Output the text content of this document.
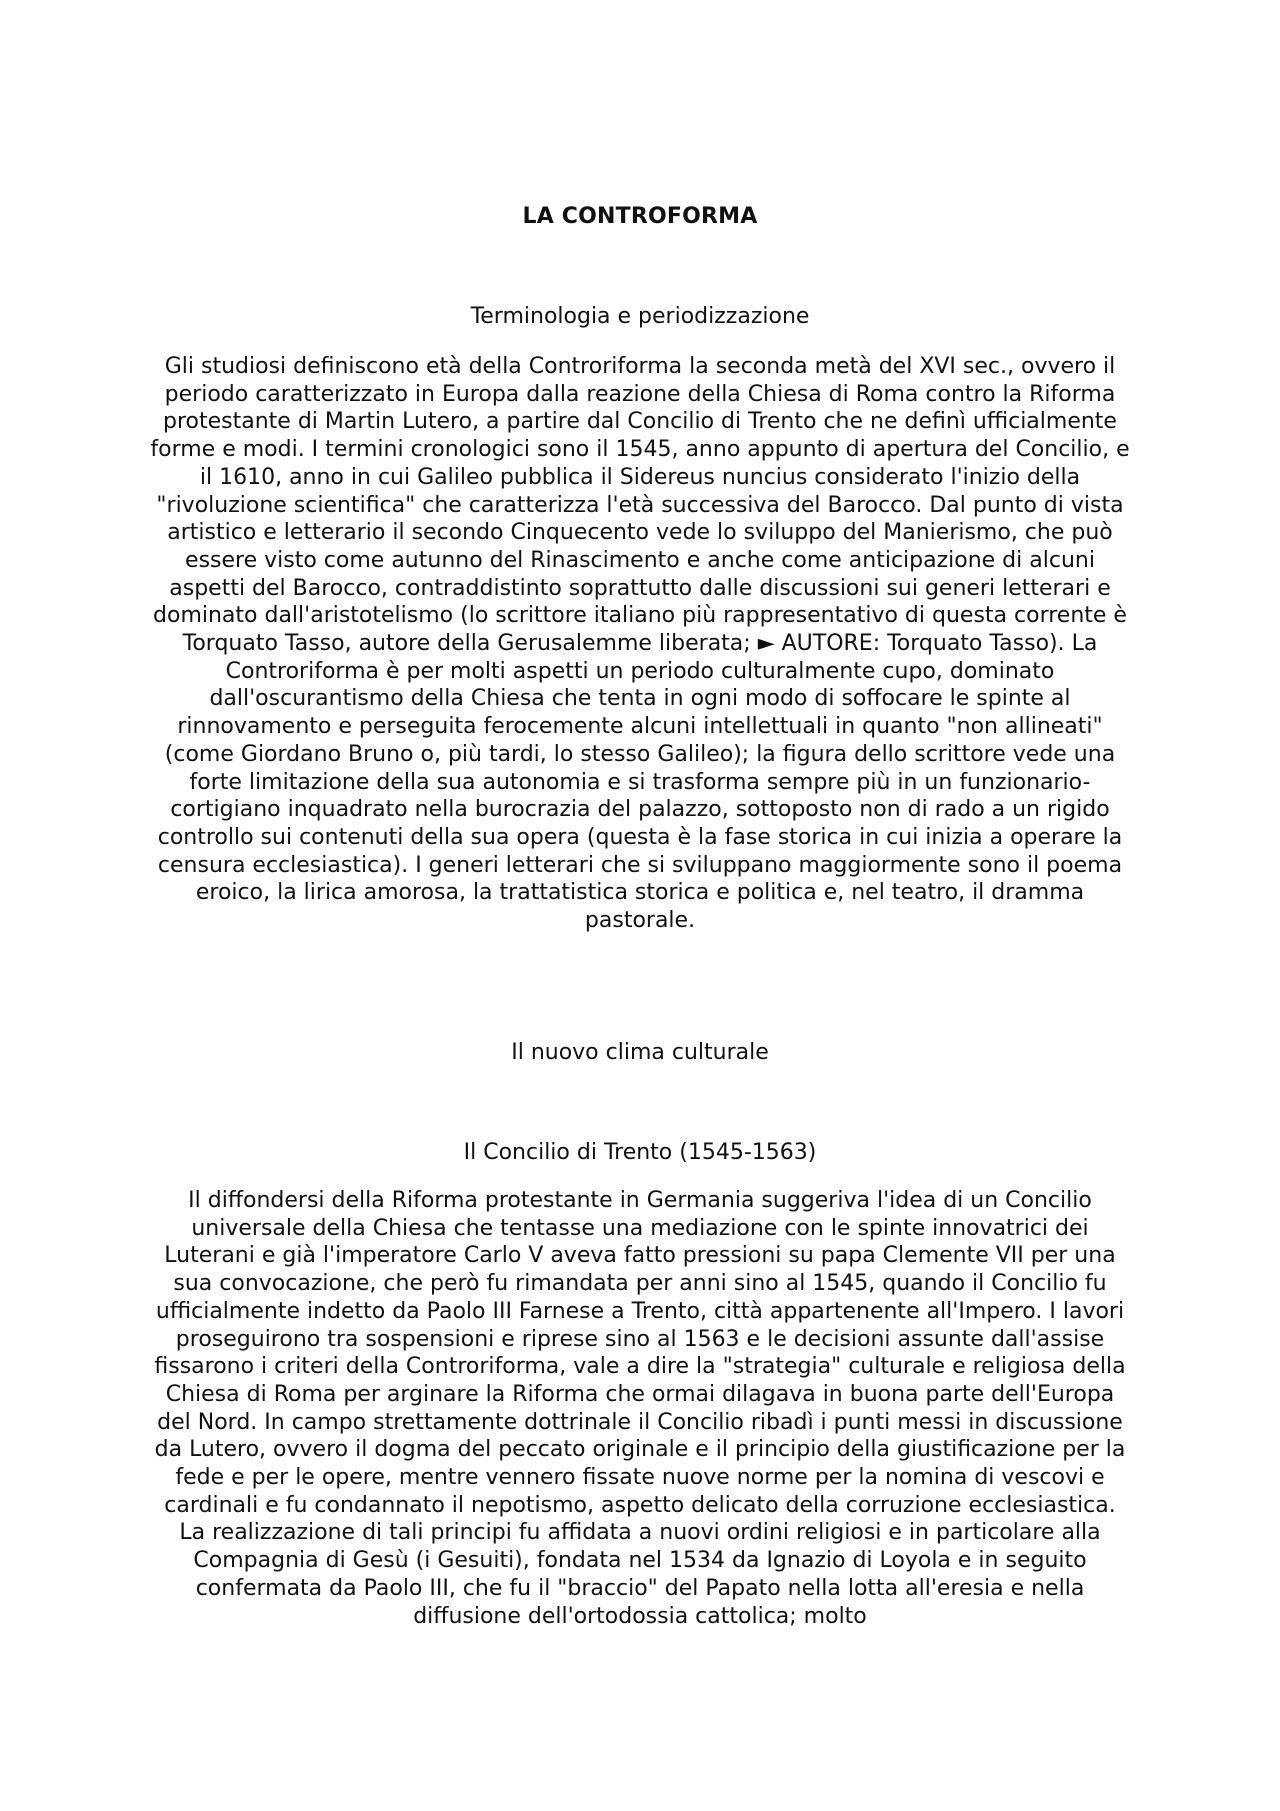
LA CONTROFORMA
Terminologia e periodizzazione

Gli studiosi definiscono età della Controriforma la seconda metà del XVI sec., ovvero il periodo caratterizzato in Europa dalla reazione della Chiesa di Roma contro la Riforma protestante di Martin Lutero, a partire dal Concilio di Trento che ne definì ufficialmente forme e modi. I termini cronologici sono il 1545, anno appunto di apertura del Concilio, e il 1610, anno in cui Galileo pubblica il Sidereus nuncius considerato l'inizio della "rivoluzione scientifica" che caratterizza l'età successiva del Barocco. Dal punto di vista artistico e letterario il secondo Cinquecento vede lo sviluppo del Manierismo, che può essere visto come autunno del Rinascimento e anche come anticipazione di alcuni aspetti del Barocco, contraddistinto soprattutto dalle discussioni sui generi letterari e dominato dall'aristotelismo (lo scrittore italiano più rappresentativo di questa corrente è Torquato Tasso, autore della Gerusalemme liberata; ► AUTORE: Torquato Tasso). La Controriforma è per molti aspetti un periodo culturalmente cupo, dominato dall'oscurantismo della Chiesa che tenta in ogni modo di soffocare le spinte al rinnovamento e perseguita ferocemente alcuni intellettuali in quanto "non allineati" (come Giordano Bruno o, più tardi, lo stesso Galileo); la figura dello scrittore vede una forte limitazione della sua autonomia e si trasforma sempre più in un funzionario-cortigiano inquadrato nella burocrazia del palazzo, sottoposto non di rado a un rigido controllo sui contenuti della sua opera (questa è la fase storica in cui inizia a operare la censura ecclesiastica). I generi letterari che si sviluppano maggiormente sono il poema eroico, la lirica amorosa, la trattatistica storica e politica e, nel teatro, il dramma pastorale.

Il nuovo clima culturale
Il Concilio di Trento (1545-1563)

Il diffondersi della Riforma protestante in Germania suggeriva l'idea di un Concilio universale della Chiesa che tentasse una mediazione con le spinte innovatrici dei Luterani e già l'imperatore Carlo V aveva fatto pressioni su papa Clemente VII per una sua convocazione, che però fu rimandata per anni sino al 1545, quando il Concilio fu ufficialmente indetto da Paolo III Farnese a Trento, città appartenente all'Impero. I lavori proseguirono tra sospensioni e riprese sino al 1563 e le decisioni assunte dall'assise fissarono i criteri della Controriforma, vale a dire la "strategia" culturale e religiosa della Chiesa di Roma per arginare la Riforma che ormai dilagava in buona parte dell'Europa del Nord. In campo strettamente dottrinale il Concilio ribadì i punti messi in discussione da Lutero, ovvero il dogma del peccato originale e il principio della giustificazione per la fede e per le opere, mentre vennero fissate nuove norme per la nomina di vescovi e cardinali e fu condannato il nepotismo, aspetto delicato della corruzione ecclesiastica. La realizzazione di tali principi fu affidata a nuovi ordini religiosi e in particolare alla Compagnia di Gesù (i Gesuiti), fondata nel 1534 da Ignazio di Loyola e in seguito confermata da Paolo III, che fu il "braccio" del Papato nella lotta all'eresia e nella diffusione dell'ortodossia cattolica; molto
